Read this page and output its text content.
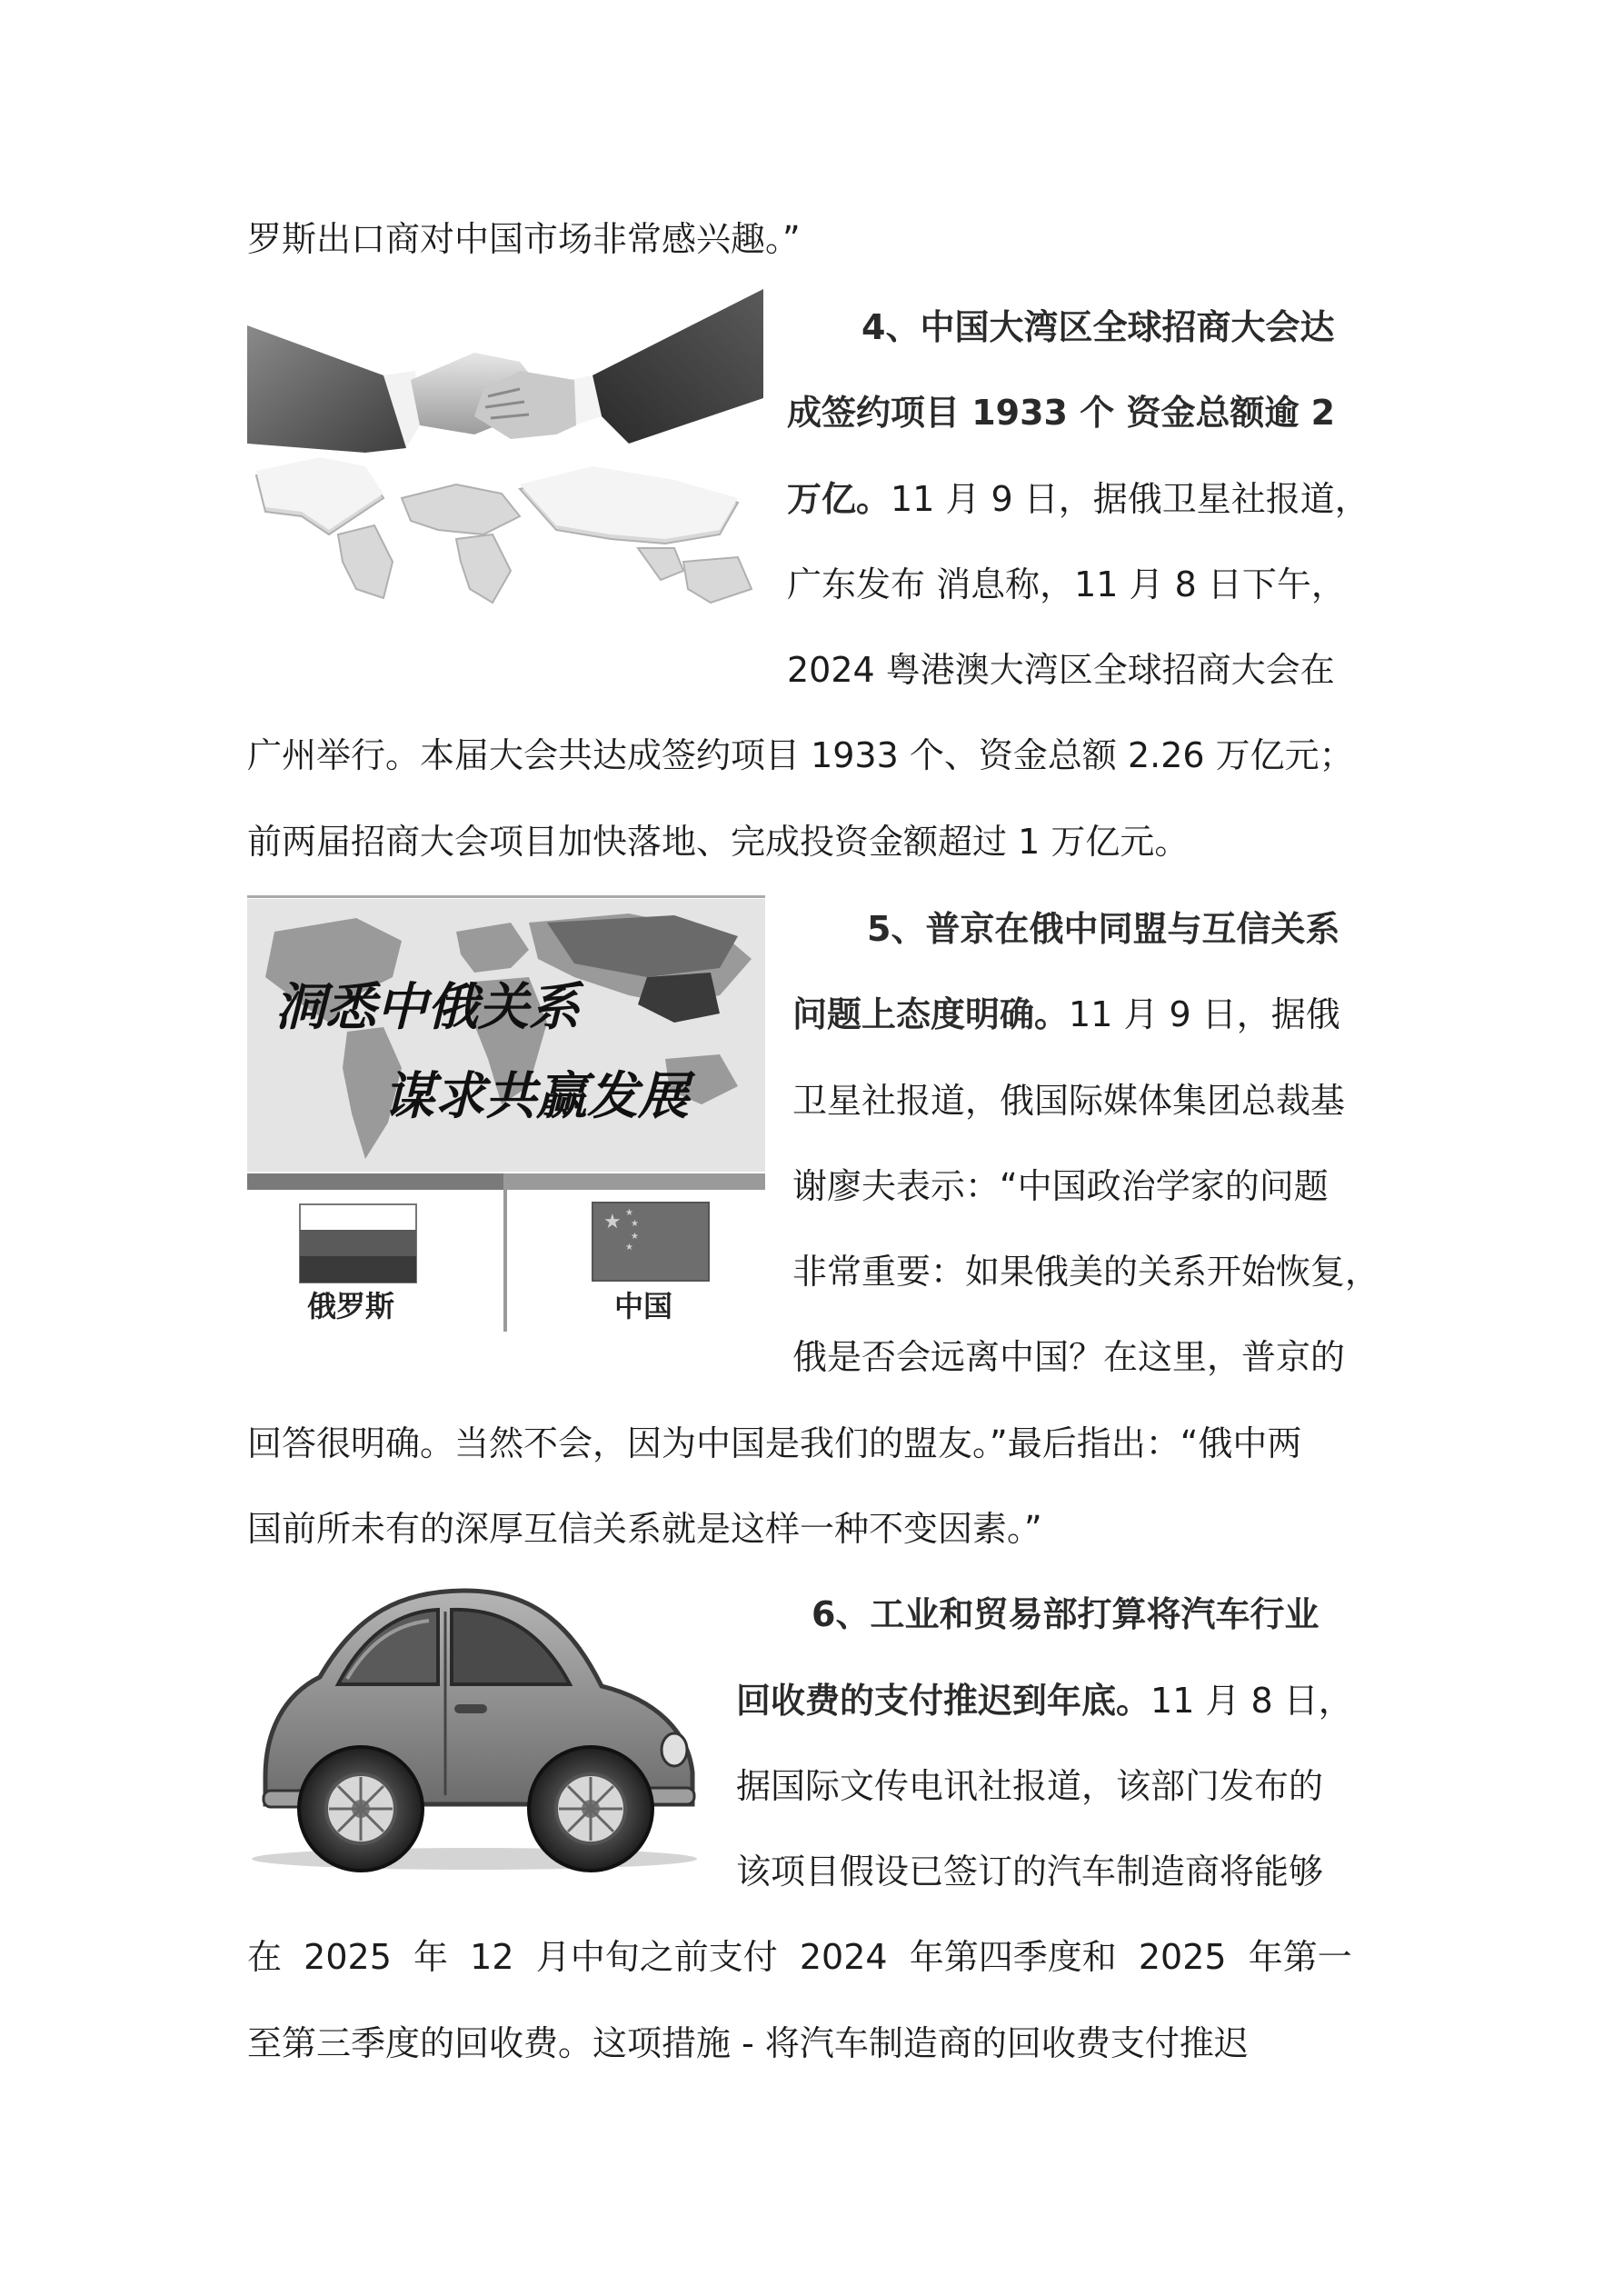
罗斯出口商对中国市场非常感兴趣。”
4、中国大湾区全球招商大会达
成签约项目 1933 个 资金总额逾 2
万亿。11 月 9 日，据俄卫星社报道，
广东发布 消息称，11 月 8 日下午，
2024 粤港澳大湾区全球招商大会在
广州举行。本届大会共达成签约项目 1933 个、资金总额 2.26 万亿元；
前两届招商大会项目加快落地、完成投资金额超过 1 万亿元。
洞悉中俄关系
谋求共赢发展
★ ★
★
★
★
俄罗斯	中国
5、普京在俄中同盟与互信关系
问题上态度明确。11 月 9 日，据俄
卫星社报道，俄国际媒体集团总裁基
谢廖夫表示：“中国政治学家的问题
非常重要：如果俄美的关系开始恢复，
俄是否会远离中国？在这里，普京的
回答很明确。当然不会，因为中国是我们的盟友。”最后指出：“俄中两
国前所未有的深厚互信关系就是这样一种不变因素。”
6、工业和贸易部打算将汽车行业
回收费的支付推迟到年底。11 月 8 日，
据国际文传电讯社报道，该部门发布的
该项目假设已签订的汽车制造商将能够
在  2025  年  12  月中旬之前支付  2024  年第四季度和  2025  年第一
至第三季度的回收费。这项措施 - 将汽车制造商的回收费支付推迟
